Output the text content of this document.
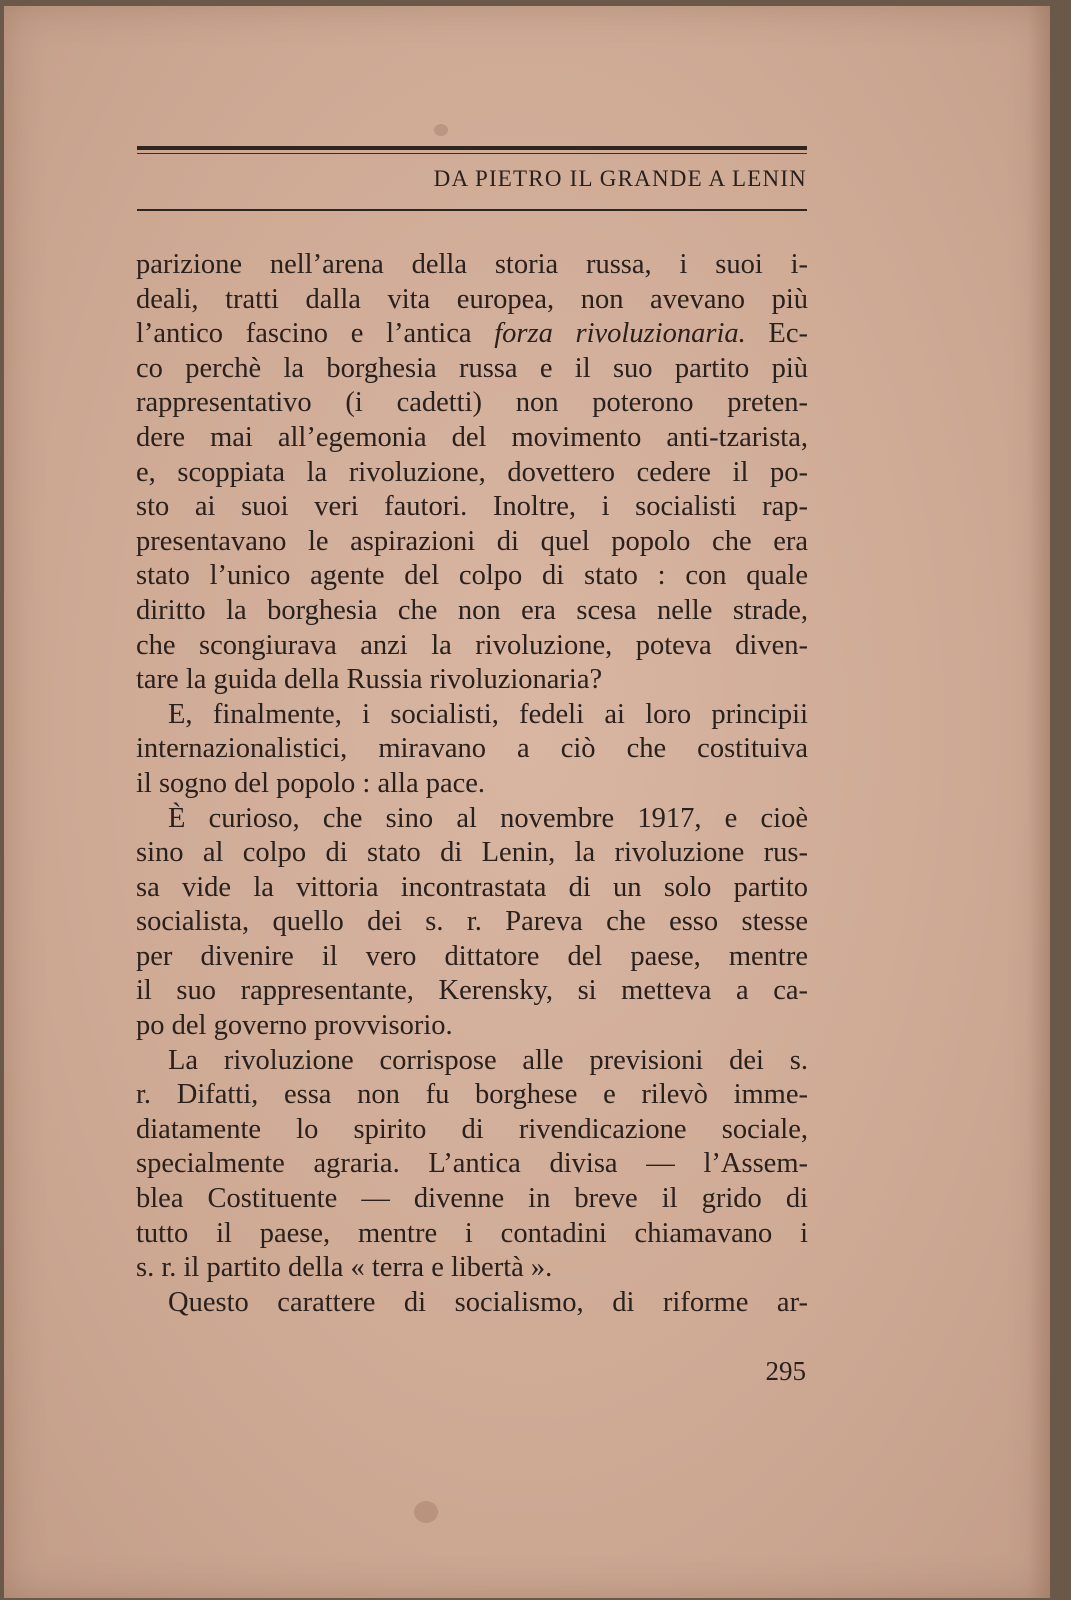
DA PIETRO IL GRANDE A LENIN
parizione nell’arena della storia russa, i suoi i-
deali, tratti dalla vita europea, non avevano più
l’antico fascino e l’antica forza rivoluzionaria. Ec-
co perchè la borghesia russa e il suo partito più
rappresentativo (i cadetti) non poterono preten-
dere mai all’egemonia del movimento anti-tzarista,
e, scoppiata la rivoluzione, dovettero cedere il po-
sto ai suoi veri fautori. Inoltre, i socialisti rap-
presentavano le aspirazioni di quel popolo che era
stato l’unico agente del colpo di stato : con quale
diritto la borghesia che non era scesa nelle strade,
che scongiurava anzi la rivoluzione, poteva diven-
tare la guida della Russia rivoluzionaria?
E, finalmente, i socialisti, fedeli ai loro principii
internazionalistici, miravano a ciò che costituiva
il sogno del popolo : alla pace.
È curioso, che sino al novembre 1917, e cioè
sino al colpo di stato di Lenin, la rivoluzione rus-
sa vide la vittoria incontrastata di un solo partito
socialista, quello dei s. r. Pareva che esso stesse
per divenire il vero dittatore del paese, mentre
il suo rappresentante, Kerensky, si metteva a ca-
po del governo provvisorio.
La rivoluzione corrispose alle previsioni dei s.
r. Difatti, essa non fu borghese e rilevò imme-
diatamente lo spirito di rivendicazione sociale,
specialmente agraria. L’antica divisa — l’Assem-
blea Costituente — divenne in breve il grido di
tutto il paese, mentre i contadini chiamavano i
s. r. il partito della « terra e libertà ».
Questo carattere di socialismo, di riforme ar-
295
